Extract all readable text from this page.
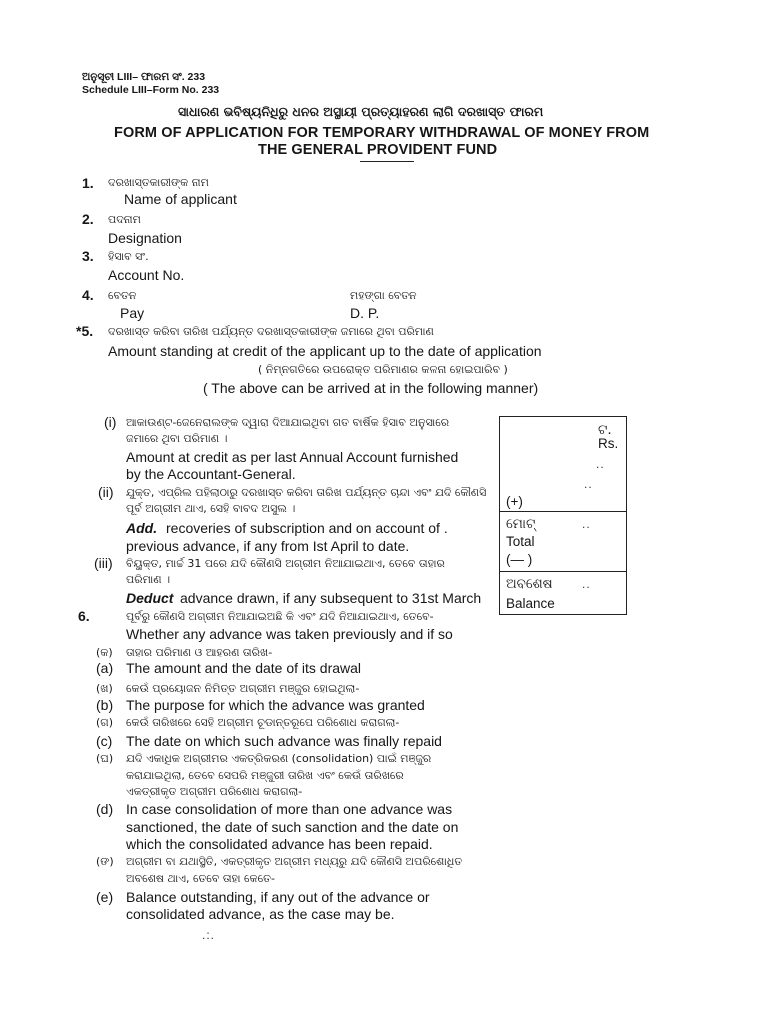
ଅନୁସୂଚୀ LIII– ଫାରମ ସଂ. 233
Schedule LIII–Form No. 233
ସାଧାରଣ ଭବିଷ୍ୟନିଧିରୁ ଧନର ଅସ୍ଥାୟୀ ପ୍ରତ୍ୟାହରଣ ଲାଗି ଦରଖାସ୍ତ ଫାରମ
FORM OF APPLICATION FOR TEMPORARY WITHDRAWAL OF MONEY FROM
THE GENERAL PROVIDENT FUND
1. ଦରଖାସ୍ତକାରୀଙ୍କ ନାମ
Name of applicant
2. ପଦନାମ
Designation
3. ହିସାବ ସଂ.
Account No.
4. ବେତନ
Pay
ମହଙ୍ଗା ବେତନ
D. P.
*5. ଦରଖାସ୍ତ କରିବା ତାରିଖ ପର୍ଯ୍ୟନ୍ତ ଦରଖାସ୍ତକାରୀଙ୍କ ଜମାରେ ଥିବା ପରିମାଣ
Amount standing at credit of the applicant up to the date of application
( ନିମ୍ନଗତିରେ ଉପରୋକ୍ତ ପରିମାଣର କଳନା ହୋଇପାରିବ )
( The above can be arrived at in the following manner)
(i) ଆକାଉଣ୍ଟ-ଜେନେରାଲଙ୍କ ଦ୍ୱାରା ଦିଆଯାଇଥିବା ଗତ ବାର୍ଷିକ ହିସାବ ଅନୁସାରେ
ଜମାରେ ଥିବା ପରିମାଣ ।
Amount at credit as per last Annual Account furnished
by the Accountant-General.
(ii) ଯୁକ୍ତ, ଏପ୍ରିଲ ପହିଲାଠାରୁ ଦରଖାସ୍ତ କରିବା ତାରିଖ ପର୍ଯ୍ୟନ୍ତ ଚାନ୍ଦା ଏବଂ ଯଦି କୌଣସି
ପୂର୍ବ ଅଗ୍ରୀମ ଥାଏ, ସେହି ବାବଦ ଅସୁଲ ।
Add. recoveries of subscription and on account of .
previous advance, if any from Ist April to date.
(iii) ବିୟୁକ୍ତ, ମାର୍ଚ୍ଚ 31 ପରେ ଯଦି କୌଣସି ଅଗ୍ରୀମ ନିଆଯାଇଥାଏ, ତେବେ ତାହାର
ପରିମାଣ ।
Deduct advance drawn, if any subsequent to 31st March
ଟ.
Rs.
..
..
(+)
ମୋଟ୍	..
Total
(— )
ଅବଶେଷ ..
Balance
6.	ପୂର୍ବରୁ କୌଣସି ଅଗ୍ରୀମ ନିଆଯାଇଅଛି କି ଏବଂ ଯଦି ନିଆଯାଇଥାଏ, ତେବେ-
Whether any advance was taken previously and if so
(କ) ତାହାର ପରିମାଣ ଓ ଆହରଣ ତାରିଖ-
(a) The amount and the date of its drawal
(ଖ) କେଉଁ ପ୍ରୟୋଜନ ନିମିତ୍ତ ଅଗ୍ରୀମ ମଞ୍ଜୁର ହୋଇଥିଲା-
(b) The purpose for which the advance was granted
(ଗ) କେଉଁ ତାରିଖରେ ସେହି ଅଗ୍ରୀମ ଚୂଡାନ୍ତରୂପେ ପରିଶୋଧ କରାଗଲା-
(c) The date on which such advance was finally repaid
(ଘ) ଯଦି ଏକାଧିକ ଅଗ୍ରୀମର ଏକତ୍ରିକରଣ (consolidation) ପାଇଁ ମଞ୍ଜୁର
କରାଯାଇଥିଲା, ତେବେ ସେପରି ମଞ୍ଜୁରୀ ତାରିଖ ଏବଂ କେଉଁ ତାରିଖରେ
ଏକତ୍ରୀକୃତ ଅଗ୍ରୀମ ପରିଶୋଧ କରାଗଲା-
(d) In case consolidation of more than one advance was
sanctioned, the date of such sanction and the date on
which the consolidated advance has been repaid.
(ଙ) ଅଗ୍ରୀମ ବା ଯଥାସ୍ଥିତି, ଏକତ୍ରୀକୃତ ଅଗ୍ରୀମ ମଧ୍ୟରୁ ଯଦି କୌଣସି ଅପରିଶୋଧିତ
ଅବଶେଷ ଥାଏ, ତେବେ ତାହା କେତେ-
(e) Balance outstanding, if any out of the advance or
consolidated advance, as the case may be.
.:.
